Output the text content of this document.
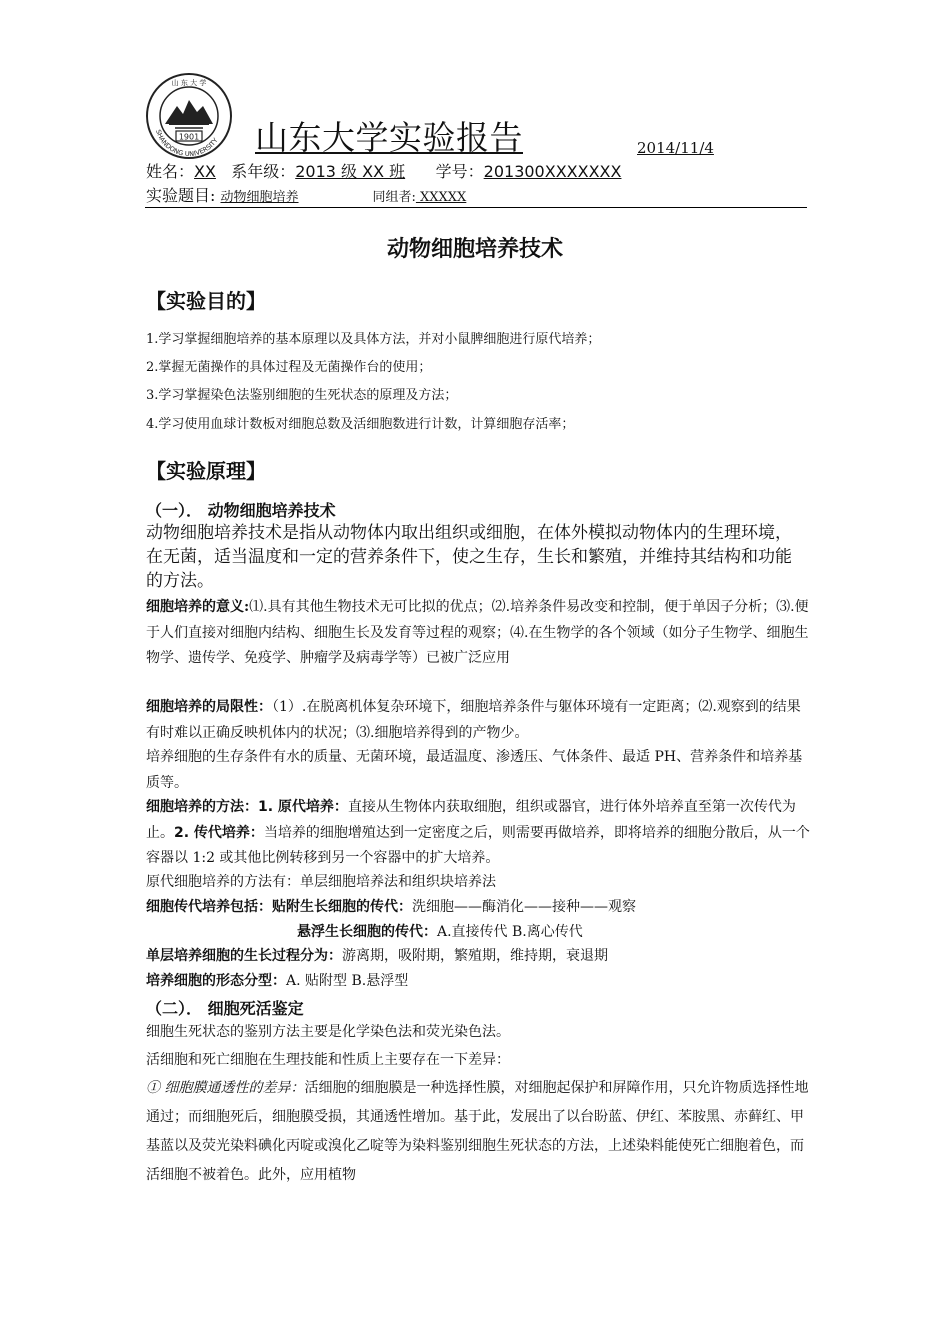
1901
山 东 大 学
SHANDONG UNIVERSITY 山东大学实验报告	2014/11/4
姓名：XX 系年级：2013 级 XX 班 学号：201300XXXXXXX
实验题目: 动物细胞培养	同组者: XXXXX
动物细胞培养技术
【实验目的】
1.学习掌握细胞培养的基本原理以及具体方法，并对小鼠脾细胞进行原代培养；
2.掌握无菌操作的具体过程及无菌操作台的使用；
3.学习掌握染色法鉴别细胞的生死状态的原理及方法；
4.学习使用血球计数板对细胞总数及活细胞数进行计数，计算细胞存活率；
【实验原理】
（一）． 动物细胞培养技术

动物细胞培养技术是指从动物体内取出组织或细胞，在体外模拟动物体内的生理环境，在无菌，适当温度和一定的营养条件下，使之生存，生长和繁殖，并维持其结构和功能的方法。

细胞培养的意义:⑴.具有其他生物技术无可比拟的优点；⑵.培养条件易改变和控制，便于单因子分析；⑶.便于人们直接对细胞内结构、细胞生长及发育等过程的观察；⑷.在生物学的各个领域（如分子生物学、细胞生物学、遗传学、免疫学、肿瘤学及病毒学等）已被广泛应用

细胞培养的局限性：（1）.在脱离机体复杂环境下，细胞培养条件与躯体环境有一定距离；⑵.观察到的结果有时难以正确反映机体内的状况；⑶.细胞培养得到的产物少。

培养细胞的生存条件有水的质量、无菌环境，最适温度、渗透压、气体条件、最适 PH、营养条件和培养基质等。

细胞培养的方法：1. 原代培养：直接从生物体内获取细胞，组织或器官，进行体外培养直至第一次传代为止。2. 传代培养：当培养的细胞增殖达到一定密度之后，则需要再做培养，即将培养的细胞分散后，从一个容器以 1:2 或其他比例转移到另一个容器中的扩大培养。

原代细胞培养的方法有：单层细胞培养法和组织块培养法
细胞传代培养包括：贴附生长细胞的传代：洗细胞——酶消化——接种——观察
悬浮生长细胞的传代：A.直接传代 B.离心传代
单层培养细胞的生长过程分为：游离期，吸附期，繁殖期，维持期，衰退期
培养细胞的形态分型：A. 贴附型 B.悬浮型
（二）． 细胞死活鉴定
细胞生死状态的鉴别方法主要是化学染色法和荧光染色法。
活细胞和死亡细胞在生理技能和性质上主要存在一下差异：

① 细胞膜通透性的差异：活细胞的细胞膜是一种选择性膜，对细胞起保护和屏障作用，只允许物质选择性地通过；而细胞死后，细胞膜受损，其通透性增加。基于此，发展出了以台盼蓝、伊红、苯胺黑、赤藓红、甲基蓝以及荧光染料碘化丙啶或溴化乙啶等为染料鉴别细胞生死状态的方法，上述染料能使死亡细胞着色，而活细胞不被着色。此外，应用植物
